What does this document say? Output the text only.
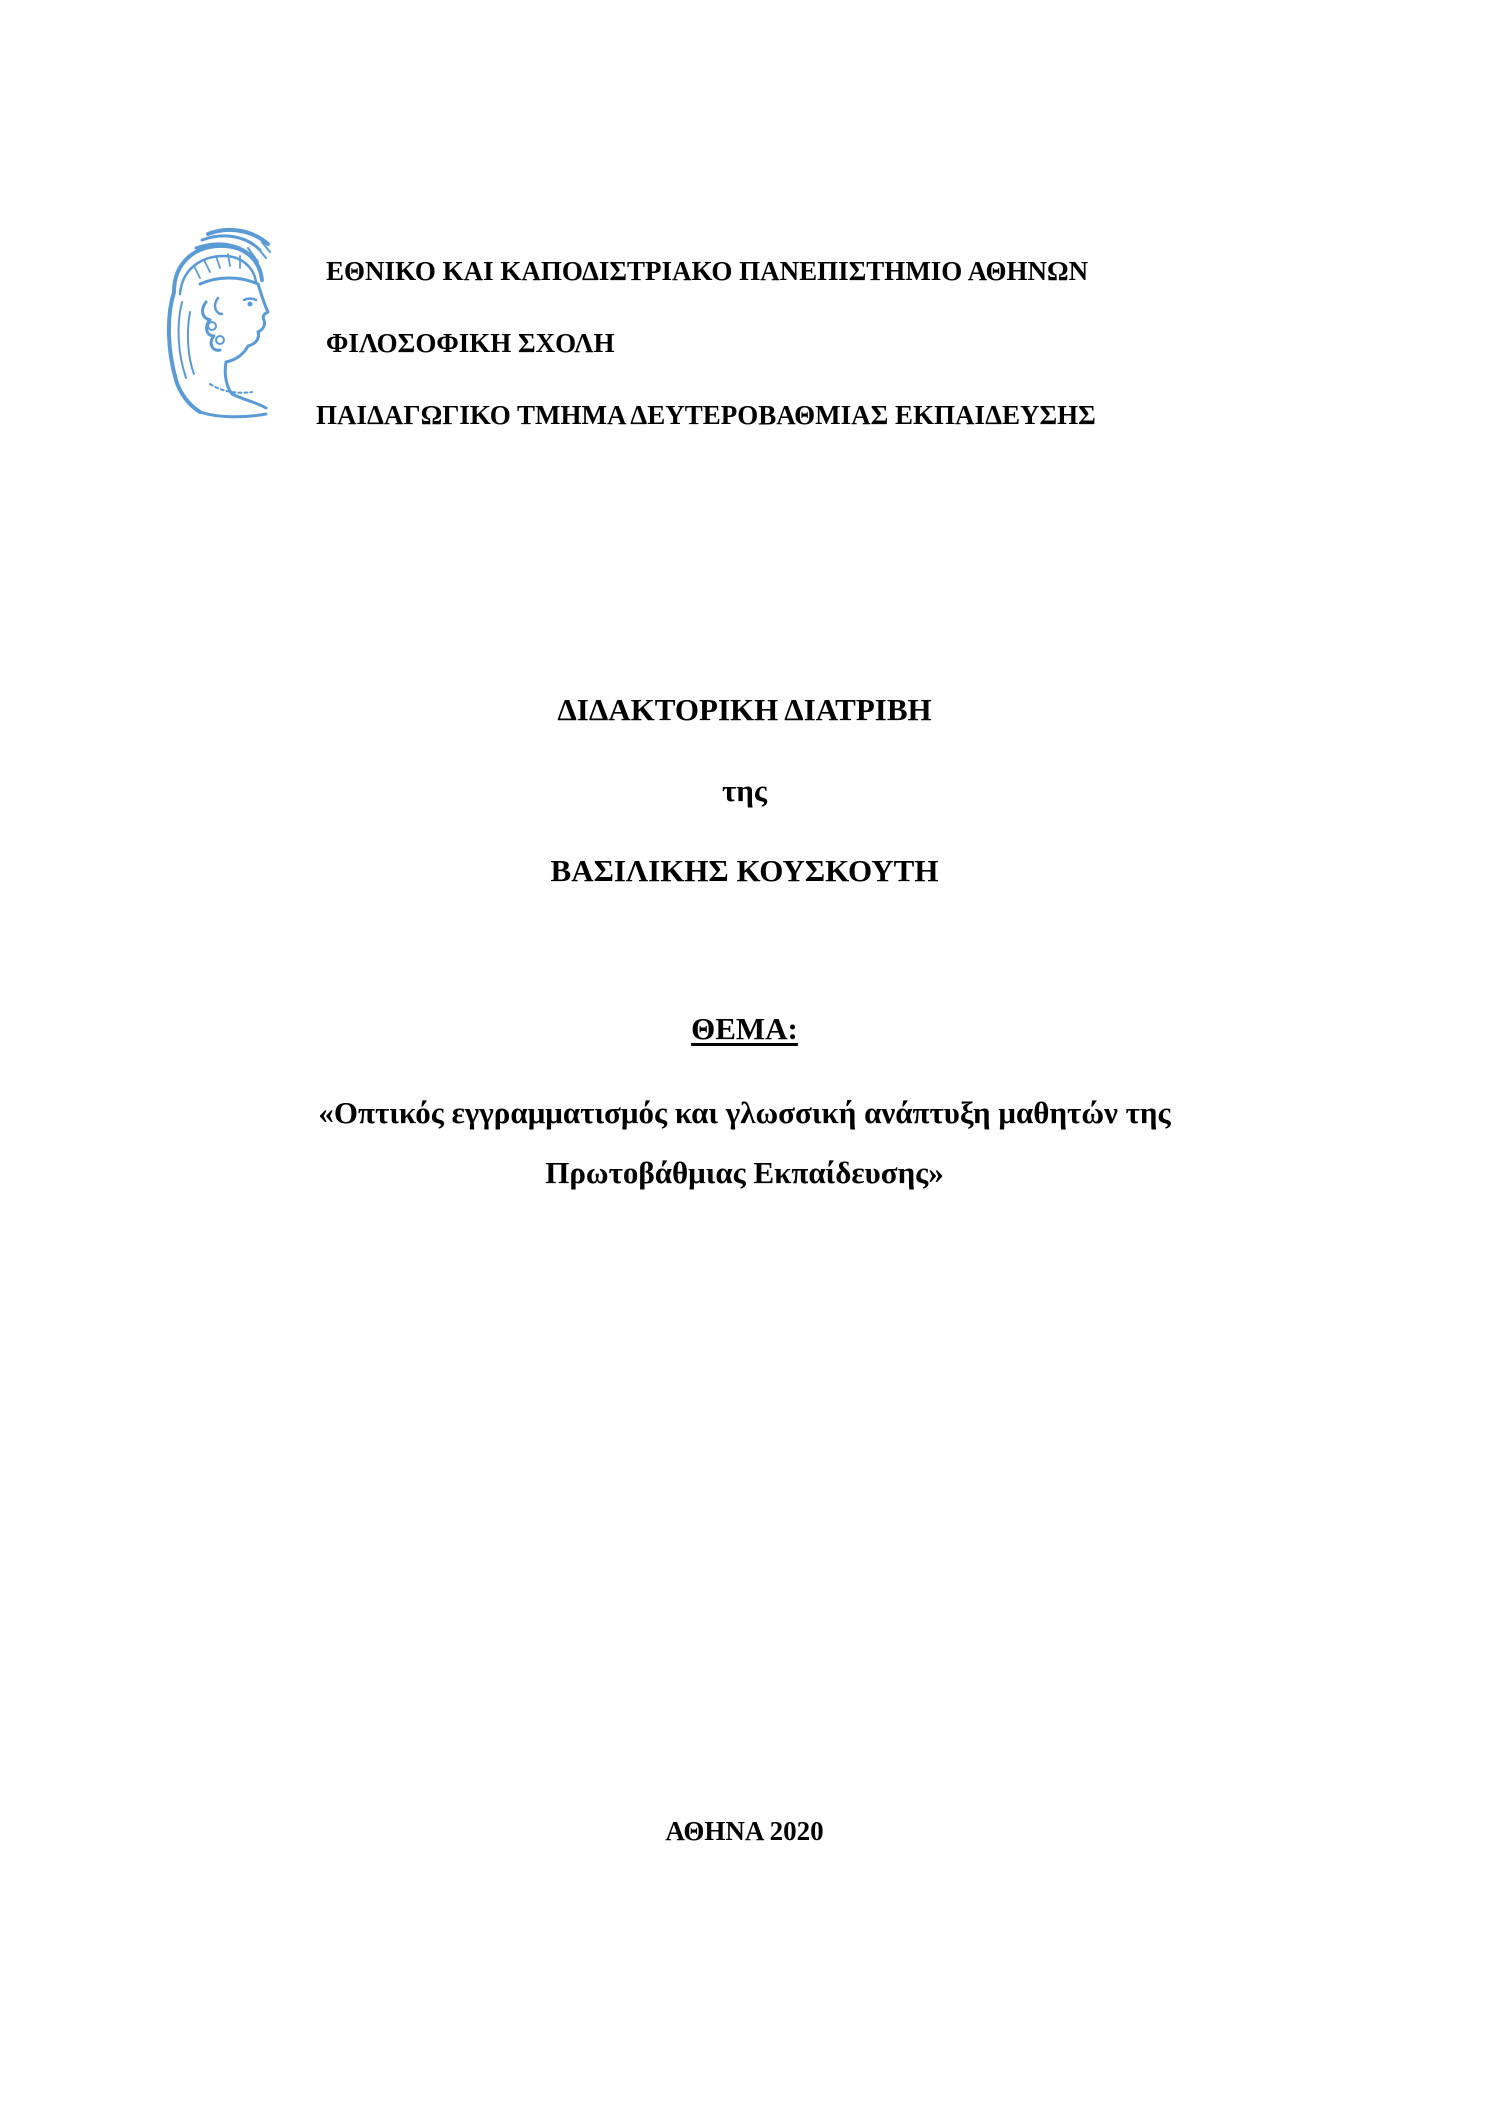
ΕΘΝΙΚΟ ΚΑΙ ΚΑΠΟΔΙΣΤΡΙΑΚΟ ΠΑΝΕΠΙΣΤΗΜΙΟ ΑΘΗΝΩΝ
ΦΙΛΟΣΟΦΙΚΗ ΣΧΟΛΗ
ΠΑΙΔΑΓΩΓΙΚΟ ΤΜΗΜΑ ΔΕΥΤΕΡΟΒΑΘΜΙΑΣ ΕΚΠΑΙΔΕΥΣΗΣ
ΔΙΔΑΚΤΟΡΙΚΗ ΔΙΑΤΡΙΒΗ
της
ΒΑΣΙΛΙΚΗΣ ΚΟΥΣΚΟΥΤΗ
ΘΕΜΑ:
«Οπτικός εγγραμματισμός και γλωσσική ανάπτυξη μαθητών της
Πρωτοβάθμιας Εκπαίδευσης»
ΑΘΗΝΑ 2020
